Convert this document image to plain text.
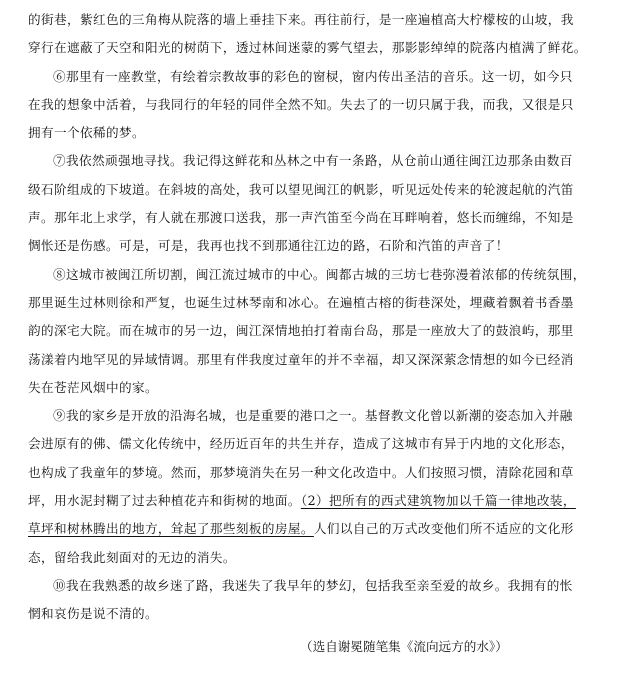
的街巷，紫红色的三角梅从院落的墙上垂挂下来。再往前行，是一座遍植高大柠檬桉的山坡，我
穿行在遮蔽了天空和阳光的树荫下，透过林间迷蒙的雾气望去，那影影绰绰的院落内植满了鲜花。
⑥那里有一座教堂，有绘着宗教故事的彩色的窗棂，窗内传出圣洁的音乐。这一切，如今只
在我的想象中活着，与我同行的年轻的同伴全然不知。失去了的一切只属于我，而我，又很是只
拥有一个依稀的梦。
⑦我依然顽强地寻找。我记得这鲜花和丛林之中有一条路，从仓前山通往闽江边那条由数百
级石阶组成的下坡道。在斜坡的高处，我可以望见闽江的帆影，听见远处传来的轮渡起航的汽笛
声。那年北上求学，有人就在那渡口送我，那一声汽笛至今尚在耳畔响着，悠长而缠绵，不知是
惆怅还是伤感。可是，可是，我再也找不到那通往江边的路，石阶和汽笛的声音了！
⑧这城市被闽江所切割，闽江流过城市的中心。闽都古城的三坊七巷弥漫着浓郁的传统氛围，
那里诞生过林则徐和严复，也诞生过林琴南和冰心。在遍植古榕的街巷深处，埋藏着飘着书香墨
韵的深宅大院。而在城市的另一边，闽江深情地拍打着南台岛，那是一座放大了的鼓浪屿，那里
荡漾着内地罕见的异域情调。那里有伴我度过童年的并不幸福，却又深深萦念情想的如今已经消
失在苍茫风烟中的家。
⑨我的家乡是开放的沿海名城，也是重要的港口之一。基督教文化曾以新潮的姿态加入并融
会进原有的佛、儒文化传统中，经历近百年的共生并存，造成了这城市有异于内地的文化形态，
也构成了我童年的梦境。然而，那梦境消失在另一种文化改造中。人们按照习惯，清除花园和草
坪，用水泥封糊了过去种植花卉和街树的地面。（2）把所有的西式建筑物加以千篇一律地改装，
草坪和树林腾出的地方，耸起了那些刻板的房屋。人们以自己的万式改变他们所不适应的文化形
态，留给我此刻面对的无边的消失。
⑩我在我熟悉的故乡迷了路，我迷失了我早年的梦幻，包括我至亲至爱的故乡。我拥有的怅
惘和哀伤是说不清的。
（选自谢冕随笔集《流向远方的水》）
